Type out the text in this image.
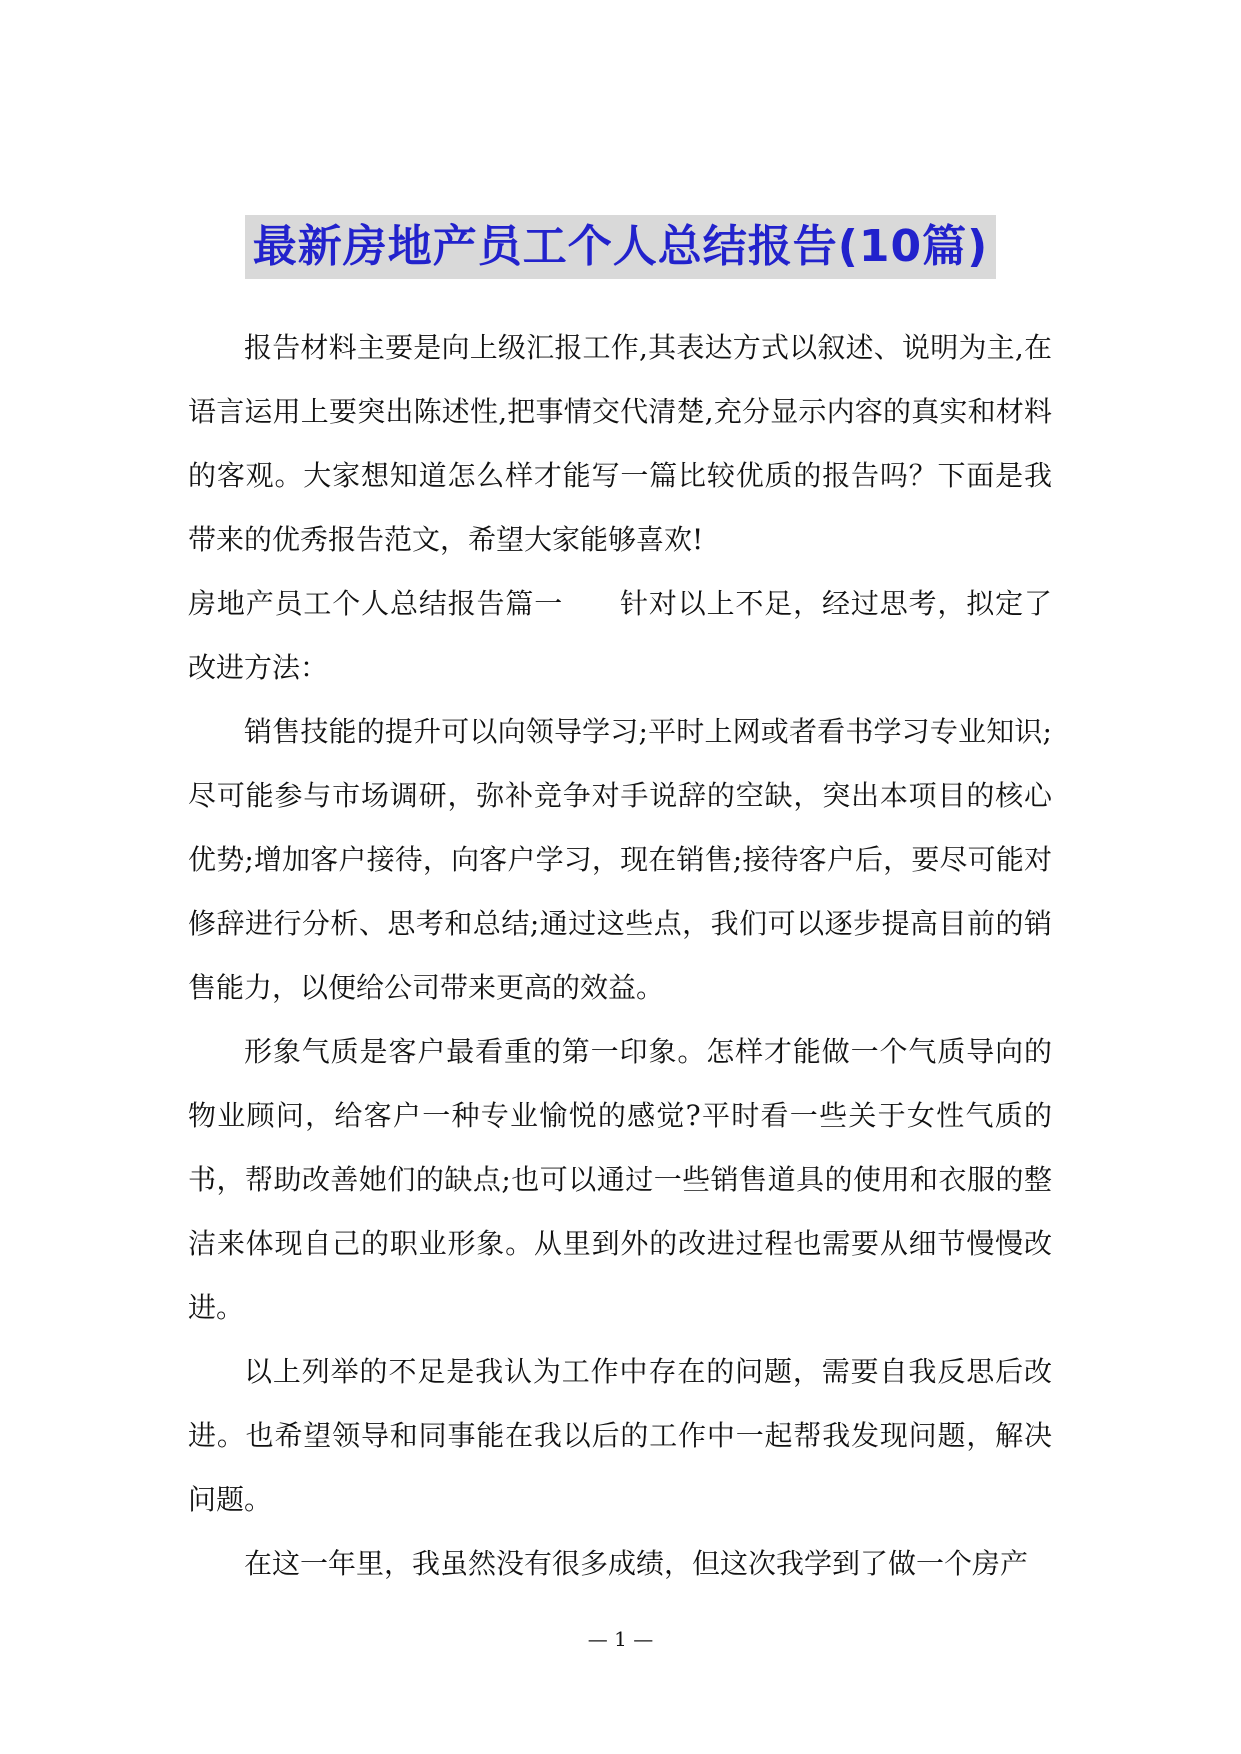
最新房地产员工个人总结报告(10篇)

报告材料主要是向上级汇报工作,其表达方式以叙述、说明为主,在语言运用上要突出陈述性,把事情交代清楚,充分显示内容的真实和材料的客观。大家想知道怎么样才能写一篇比较优质的报告吗？下面是我带来的优秀报告范文，希望大家能够喜欢!

房地产员工个人总结报告篇一 针对以上不足，经过思考，拟定了改进方法：

销售技能的提升可以向领导学习;平时上网或者看书学习专业知识;尽可能参与市场调研，弥补竞争对手说辞的空缺，突出本项目的核心优势;增加客户接待，向客户学习，现在销售;接待客户后，要尽可能对修辞进行分析、思考和总结;通过这些点，我们可以逐步提高目前的销售能力，以便给公司带来更高的效益。

形象气质是客户最看重的第一印象。怎样才能做一个气质导向的物业顾问，给客户一种专业愉悦的感觉?平时看一些关于女性气质的书，帮助改善她们的缺点;也可以通过一些销售道具的使用和衣服的整洁来体现自己的职业形象。从里到外的改进过程也需要从细节慢慢改进。

以上列举的不足是我认为工作中存在的问题，需要自我反思后改进。也希望领导和同事能在我以后的工作中一起帮我发现问题，解决问题。

在这一年里，我虽然没有很多成绩，但这次我学到了做一个房产

— 1 —
